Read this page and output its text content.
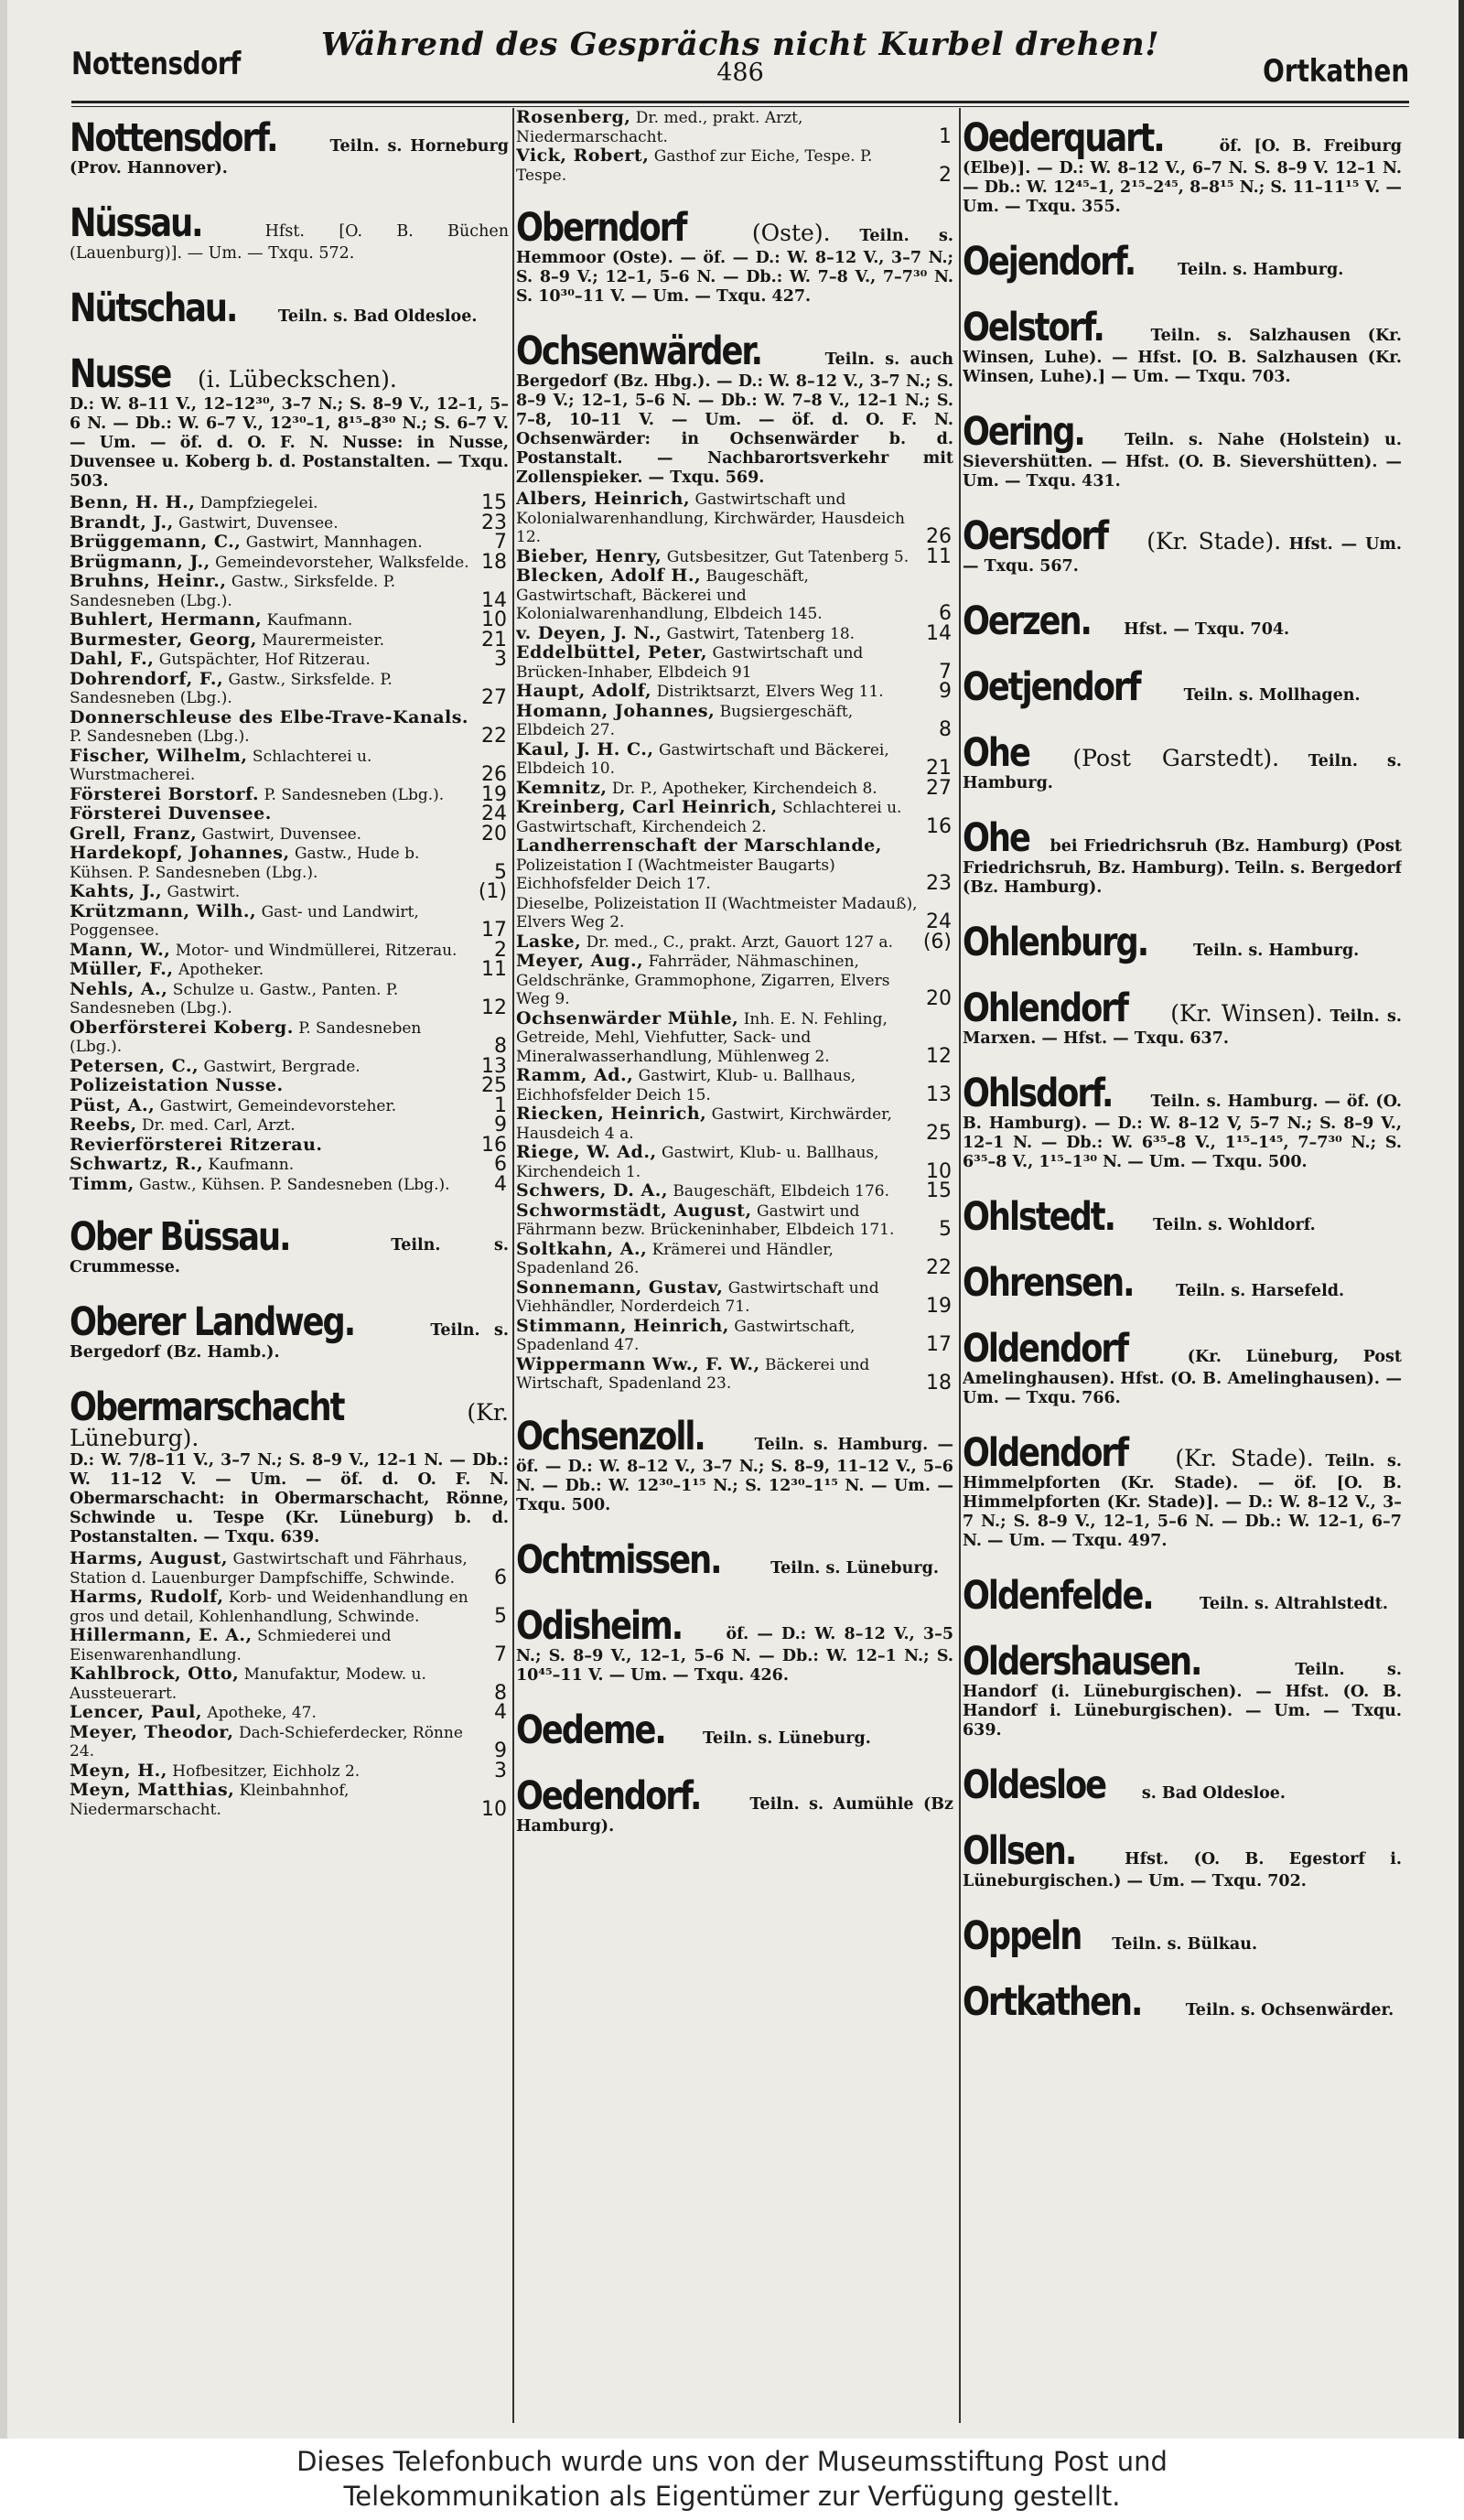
Nottensdorf
Während des Gesprächs nicht Kurbel drehen!
486	Ortkathen
Nottensdorf.	Teiln. s. Horneburg (Prov. Hannover).
Nüssau.	Hfst. [O. B. Büchen (Lauenburg)]. — Um. — Txqu. 572.
Nütschau.	Teiln. s. Bad Oldesloe.
Nusse (i. Lübeckschen).
D.: W. 8–11 V., 12–12³⁰, 3–7 N.; S. 8–9 V., 12–1, 5–6 N. — Db.: W. 6–7 V., 12³⁰–1, 8¹⁵–8³⁰ N.; S. 6–7 V. — Um. — öf. d. O. F. N. Nusse: in Nusse, Duvensee u. Koberg b. d. Postanstalten. — Txqu. 503.
Benn, H. H., Dampfziegelei.	15
Brandt, J., Gastwirt, Duvensee.	23
Brüggemann, C., Gastwirt, Mannhagen.	7
Brügmann, J., Gemeindevorsteher, Walksfelde. 18
Bruhns, Heinr., Gastw., Sirksfelde. P. Sandesneben (Lbg.).	14
Buhlert, Hermann, Kaufmann.	10
Burmester, Georg, Maurermeister.	21
Dahl, F., Gutspächter, Hof Ritzerau.	3
Dohrendorf, F., Gastw., Sirksfelde. P. Sandesneben (Lbg.).	27
Donnerschleuse des Elbe-Trave-Kanals. P. Sandesneben (Lbg.).	22
Fischer, Wilhelm, Schlachterei u. Wurstmacherei.	26
Försterei Borstorf. P. Sandesneben (Lbg.). 19
Försterei Duvensee.	24
Grell, Franz, Gastwirt, Duvensee.	20
Hardekopf, Johannes, Gastw., Hude b. Kühsen. P. Sandesneben (Lbg.).	5
Kahts, J., Gastwirt.	(1)
Krützmann, Wilh., Gast- und Landwirt, Poggensee.	17
Mann, W., Motor- und Windmüllerei, Ritzerau. 2
Müller, F., Apotheker.	11
Nehls, A., Schulze u. Gastw., Panten. P. Sandesneben (Lbg.).	12
Oberförsterei Koberg. P. Sandesneben (Lbg.).	8
Petersen, C., Gastwirt, Bergrade.	13
Polizeistation Nusse.	25
Püst, A., Gastwirt, Gemeindevorsteher.	1
Reebs, Dr. med. Carl, Arzt.	9
Revierförsterei Ritzerau.	16
Schwartz, R., Kaufmann.	6
Timm, Gastw., Kühsen. P. Sandesneben (Lbg.). 4
Ober Büssau.	Teiln. s. Crummesse.
Oberer Landweg.	Teiln. s. Bergedorf (Bz. Hamb.).
Obermarschacht	(Kr. Lüneburg).
D.: W. 7/8–11 V., 3–7 N.; S. 8–9 V., 12–1 N. — Db.: W. 11–12 V. — Um. — öf. d. O. F. N. Obermarschacht: in Obermarschacht, Rönne, Schwinde u. Tespe (Kr. Lüneburg) b. d. Postanstalten. — Txqu. 639.
Harms, August, Gastwirtschaft und Fährhaus, Station d. Lauenburger Dampfschiffe, Schwinde. 6
Harms, Rudolf, Korb- und Weidenhandlung en gros und detail, Kohlenhandlung, Schwinde.	5
Hillermann, E. A., Schmiederei und Eisenwarenhandlung.	7
Kahlbrock, Otto, Manufaktur, Modew. u. Aussteuerart.	8
Lencer, Paul, Apotheke, 47.	4
Meyer, Theodor, Dach-Schieferdecker, Rönne 24.	9
Meyn, H., Hofbesitzer, Eichholz 2.	3
Meyn, Matthias, Kleinbahnhof, Niedermarschacht.	10
Rosenberg, Dr. med., prakt. Arzt, Niedermarschacht.	1
Vick, Robert, Gasthof zur Eiche, Tespe. P. Tespe.	2
Oberndorf	(Oste). Teiln. s. Hemmoor (Oste). — öf. — D.: W. 8–12 V., 3–7 N.; S. 8–9 V.; 12–1, 5–6 N. — Db.: W. 7–8 V., 7–7³⁰ N. S. 10³⁰–11 V. — Um. — Txqu. 427.
Ochsenwärder.	Teiln. s. auch Bergedorf (Bz. Hbg.). — D.: W. 8–12 V., 3–7 N.; S. 8–9 V.; 12–1, 5–6 N. — Db.: W. 7–8 V., 12–1 N.; S. 7–8, 10–11 V. — Um. — öf. d. O. F. N. Ochsenwärder: in Ochsenwärder b. d. Postanstalt. — Nachbarortsverkehr mit Zollenspieker. — Txqu. 569.
Albers, Heinrich, Gastwirtschaft und Kolonialwarenhandlung, Kirchwärder, Hausdeich 12.	26
Bieber, Henry, Gutsbesitzer, Gut Tatenberg 5. 11
Blecken, Adolf H., Baugeschäft, Gastwirtschaft, Bäckerei und Kolonialwarenhandlung, Elbdeich 145.	6
v. Deyen, J. N., Gastwirt, Tatenberg 18.	14
Eddelbüttel, Peter, Gastwirtschaft und Brücken-Inhaber, Elbdeich 91	7
Haupt, Adolf, Distriktsarzt, Elvers Weg 11.	9
Homann, Johannes, Bugsiergeschäft, Elbdeich 27.	8
Kaul, J. H. C., Gastwirtschaft und Bäckerei, Elbdeich 10.	21
Kemnitz, Dr. P., Apotheker, Kirchendeich 8. 27
Kreinberg, Carl Heinrich, Schlachterei u. Gastwirtschaft, Kirchendeich 2.	16
Landherrenschaft der Marschlande, Polizeistation I (Wachtmeister Baugarts) Eichhofsfelder Deich 17.	23
Dieselbe, Polizeistation II (Wachtmeister Madauß), Elvers Weg 2.	24
Laske, Dr. med., C., prakt. Arzt, Gauort 127 a. (6)
Meyer, Aug., Fahrräder, Nähmaschinen, Geldschränke, Grammophone, Zigarren, Elvers Weg 9.	20
Ochsenwärder Mühle, Inh. E. N. Fehling, Getreide, Mehl, Viehfutter, Sack- und Mineralwasserhandlung, Mühlenweg 2.	12
Ramm, Ad., Gastwirt, Klub- u. Ballhaus, Eichhofsfelder Deich 15.	13
Riecken, Heinrich, Gastwirt, Kirchwärder, Hausdeich 4 a.	25
Riege, W. Ad., Gastwirt, Klub- u. Ballhaus, Kirchendeich 1.	10
Schwers, D. A., Baugeschäft, Elbdeich 176. 15
Schwormstädt, August, Gastwirt und Fährmann bezw. Brückeninhaber, Elbdeich 171. 5
Soltkahn, A., Krämerei und Händler, Spadenland 26.	22
Sonnemann, Gustav, Gastwirtschaft und Viehhändler, Norderdeich 71.	19
Stimmann, Heinrich, Gastwirtschaft, Spadenland 47.	17
Wippermann Ww., F. W., Bäckerei und Wirtschaft, Spadenland 23.	18
Ochsenzoll.	Teiln. s. Hamburg. — öf. — D.: W. 8–12 V., 3–7 N.; S. 8–9, 11–12 V., 5–6 N. — Db.: W. 12³⁰–1¹⁵ N.; S. 12³⁰–1¹⁵ N. — Um. — Txqu. 500.
Ochtmissen.	Teiln. s. Lüneburg.
Odisheim.	öf. — D.: W. 8–12 V., 3–5 N.; S. 8–9 V., 12–1, 5–6 N. — Db.: W. 12–1 N.; S. 10⁴⁵–11 V. — Um. — Txqu. 426.
Oedeme. Teiln. s. Lüneburg.
Oedendorf.	Teiln. s. Aumühle (Bz Hamburg).
Oederquart.	öf. [O. B. Freiburg (Elbe)]. — D.: W. 8–12 V., 6–7 N. S. 8–9 V. 12–1 N. — Db.: W. 12⁴⁵–1, 2¹⁵–2⁴⁵, 8–8¹⁵ N.; S. 11–11¹⁵ V. — Um. — Txqu. 355.
Oejendorf.	Teiln. s. Hamburg.
Oelstorf.	Teiln. s. Salzhausen (Kr. Winsen, Luhe). — Hfst. [O. B. Salzhausen (Kr. Winsen, Luhe).] — Um. — Txqu. 703.
Oering.	Teiln. s. Nahe (Holstein) u. Sievershütten. — Hfst. (O. B. Sievershütten). — Um. — Txqu. 431.
Oersdorf (Kr. Stade). Hfst. — Um. — Txqu. 567.
Oerzen. Hfst. — Txqu. 704.
Oetjendorf	Teiln. s. Mollhagen.
Ohe (Post Garstedt). Teiln. s. Hamburg.
Ohe bei Friedrichsruh (Bz. Hamburg) (Post Friedrichsruh, Bz. Hamburg). Teiln. s. Bergedorf (Bz. Hamburg).
Ohlenburg.	Teiln. s. Hamburg.
Ohlendorf (Kr. Winsen). Teiln. s. Marxen. — Hfst. — Txqu. 637.
Ohlsdorf. Teiln. s. Hamburg. — öf. (O. B. Hamburg). — D.: W. 8–12 V, 5–7 N.; S. 8–9 V., 12–1 N. — Db.: W. 6³⁵–8 V., 1¹⁵–1⁴⁵, 7–7³⁰ N.; S. 6³⁵–8 V., 1¹⁵–1³⁰ N. — Um. — Txqu. 500.
Ohlstedt. Teiln. s. Wohldorf.
Ohrensen.	Teiln. s. Harsefeld.
Oldendorf	(Kr. Lüneburg, Post Amelinghausen). Hfst. (O. B. Amelinghausen). — Um. — Txqu. 766.
Oldendorf (Kr. Stade). Teiln. s. Himmelpforten (Kr. Stade). — öf. [O. B. Himmelpforten (Kr. Stade)]. — D.: W. 8–12 V., 3–7 N.; S. 8–9 V., 12–1, 5–6 N. — Db.: W. 12–1, 6–7 N. — Um. — Txqu. 497.
Oldenfelde.	Teiln. s. Altrahlstedt.
Oldershausen.	Teiln. s. Handorf (i. Lüneburgischen). — Hfst. (O. B. Handorf i. Lüneburgischen). — Um. — Txqu. 639.
Oldesloe s. Bad Oldesloe.
Ollsen.	Hfst. (O. B. Egestorf i. Lüneburgischen.) — Um. — Txqu. 702.
Oppeln Teiln. s. Bülkau.
Ortkathen.	Teiln. s. Ochsenwärder.
Dieses Telefonbuch wurde uns von der Museumsstiftung Post und
Telekommunikation als Eigentümer zur Verfügung gestellt.
